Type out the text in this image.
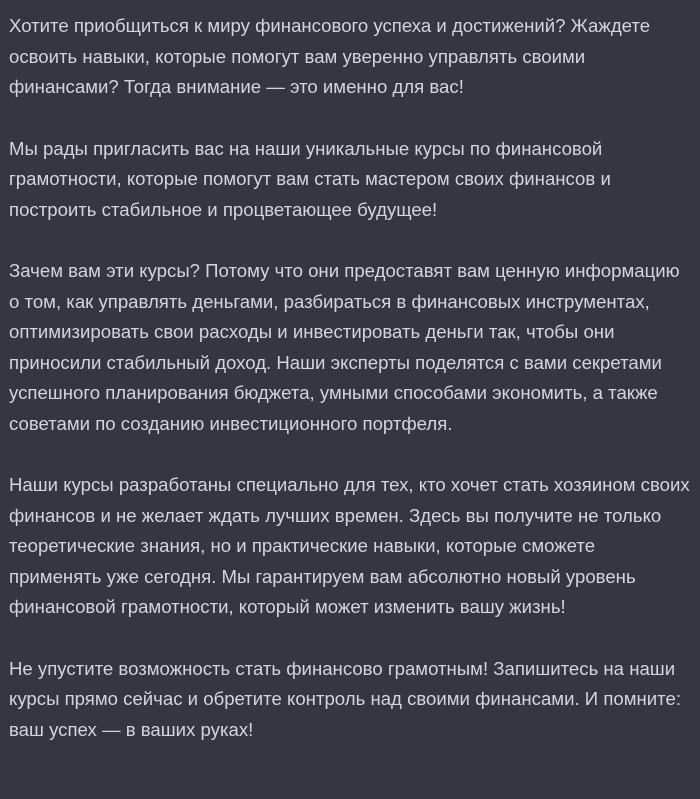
Хотите приобщиться к миру финансового успеха и достижений? Жаждете освоить навыки, которые помогут вам уверенно управлять своими финансами? Тогда внимание — это именно для вас!

Мы рады пригласить вас на наши уникальные курсы по финансовой грамотности, которые помогут вам стать мастером своих финансов и построить стабильное и процветающее будущее!

Зачем вам эти курсы? Потому что они предоставят вам ценную информацию о том, как управлять деньгами, разбираться в финансовых инструментах, оптимизировать свои расходы и инвестировать деньги так, чтобы они приносили стабильный доход. Наши эксперты поделятся с вами секретами успешного планирования бюджета, умными способами экономить, а также советами по созданию инвестиционного портфеля.

Наши курсы разработаны специально для тех, кто хочет стать хозяином своих финансов и не желает ждать лучших времен. Здесь вы получите не только теоретические знания, но и практические навыки, которые сможете применять уже сегодня. Мы гарантируем вам абсолютно новый уровень финансовой грамотности, который может изменить вашу жизнь!

Не упустите возможность стать финансово грамотным! Запишитесь на наши курсы прямо сейчас и обретите контроль над своими финансами. И помните: ваш успех — в ваших руках!
